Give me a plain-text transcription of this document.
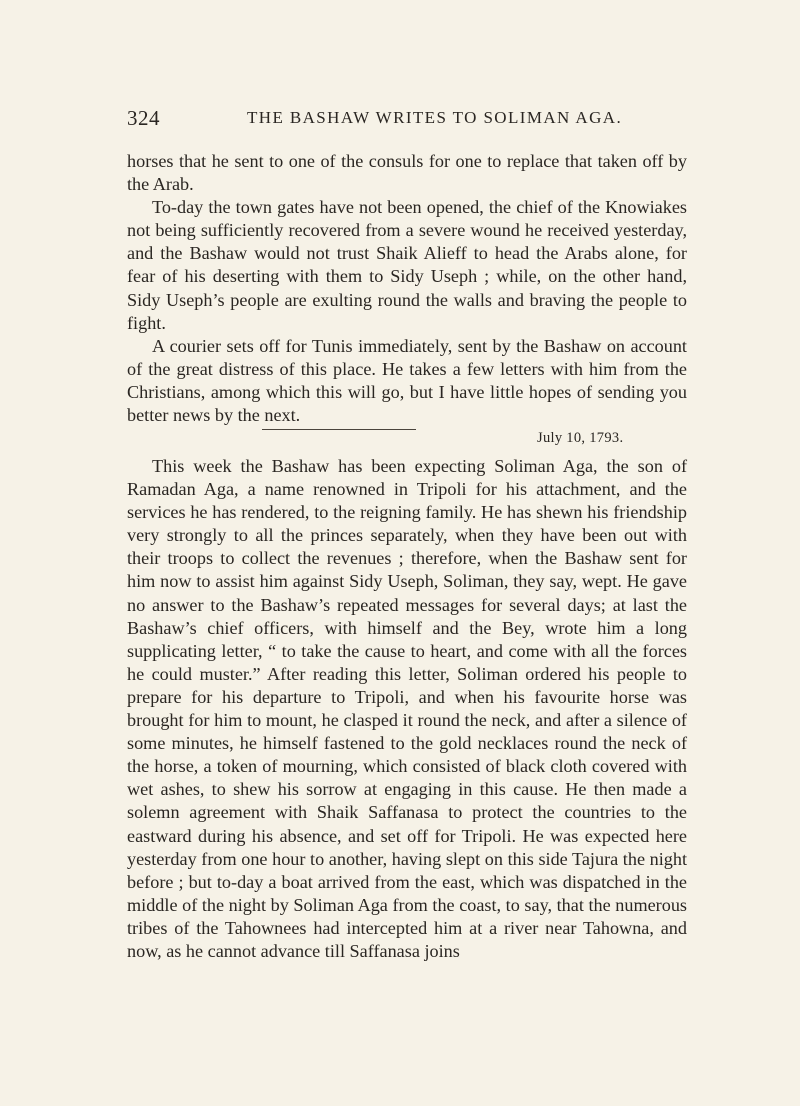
324	THE BASHAW WRITES TO SOLIMAN AGA.

horses that he sent to one of the consuls for one to replace that taken off by the Arab.

To-day the town gates have not been opened, the chief of the Knowiakes not being sufficiently recovered from a severe wound he received yesterday, and the Bashaw would not trust Shaik Alieff to head the Arabs alone, for fear of his deserting with them to Sidy Useph ; while, on the other hand, Sidy Useph’s people are exulting round the walls and braving the people to fight.

A courier sets off for Tunis immediately, sent by the Bashaw on account of the great distress of this place. He takes a few letters with him from the Christians, among which this will go, but I have little hopes of sending you better news by the next.

July 10, 1793.

This week the Bashaw has been expecting Soliman Aga, the son of Ramadan Aga, a name renowned in Tripoli for his attachment, and the services he has rendered, to the reigning family. He has shewn his friendship very strongly to all the princes separately, when they have been out with their troops to collect the revenues ; therefore, when the Bashaw sent for him now to assist him against Sidy Useph, Soliman, they say, wept. He gave no answer to the Bashaw’s repeated messages for several days; at last the Bashaw’s chief officers, with himself and the Bey, wrote him a long supplicating letter, “ to take the cause to heart, and come with all the forces he could muster.” After reading this letter, Soliman ordered his people to prepare for his departure to Tripoli, and when his favourite horse was brought for him to mount, he clasped it round the neck, and after a silence of some minutes, he himself fastened to the gold necklaces round the neck of the horse, a token of mourning, which consisted of black cloth covered with wet ashes, to shew his sorrow at engaging in this cause. He then made a solemn agreement with Shaik Saffanasa to protect the countries to the eastward during his absence, and set off for Tripoli. He was expected here yesterday from one hour to another, having slept on this side Tajura the night before ; but to-day a boat arrived from the east, which was dispatched in the middle of the night by Soliman Aga from the coast, to say, that the numerous tribes of the Tahownees had intercepted him at a river near Tahowna, and now, as he cannot advance till Saffanasa joins
